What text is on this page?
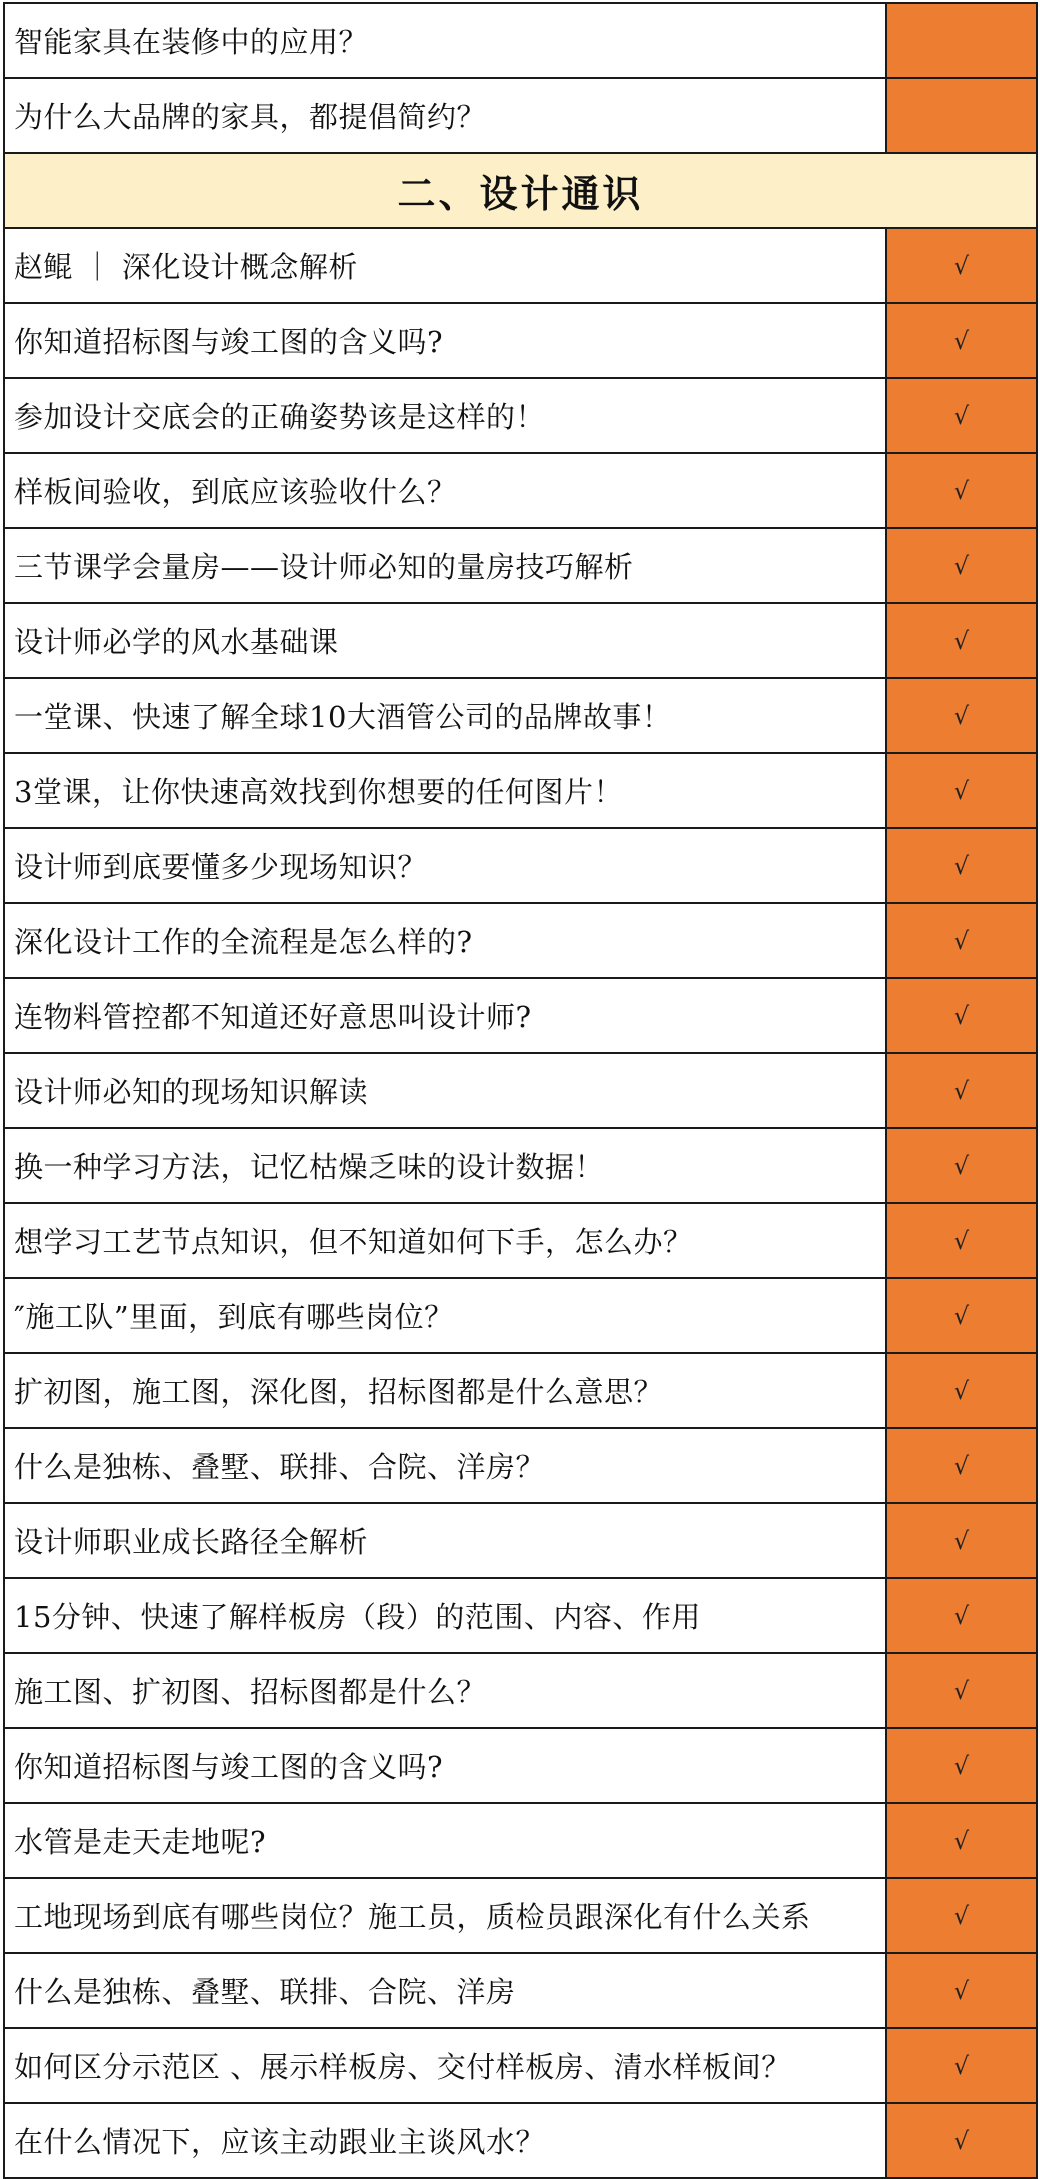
智能家具在装修中的应用？
为什么大品牌的家具，都提倡简约？
二、设计通识
赵鲲 ｜ 深化设计概念解析	√
你知道招标图与竣工图的含义吗?	√
参加设计交底会的正确姿势该是这样的！	√
样板间验收，到底应该验收什么？	√
三节课学会量房——设计师必知的量房技巧解析	√
设计师必学的风水基础课	√
一堂课、快速了解全球10大酒管公司的品牌故事！	√
3堂课，让你快速高效找到你想要的任何图片！	√
设计师到底要懂多少现场知识？	√
深化设计工作的全流程是怎么样的?	√
连物料管控都不知道还好意思叫设计师?	√
设计师必知的现场知识解读	√
换一种学习方法，记忆枯燥乏味的设计数据！	√
想学习工艺节点知识，但不知道如何下手，怎么办？	√
″施工队”里面，到底有哪些岗位？	√
扩初图，施工图，深化图，招标图都是什么意思？	√
什么是独栋、叠墅、联排、合院、洋房？	√
设计师职业成长路径全解析	√
15分钟、快速了解样板房（段）的范围、内容、作用	√
施工图、扩初图、招标图都是什么？	√
你知道招标图与竣工图的含义吗?	√
水管是走天走地呢?	√
工地现场到底有哪些岗位？施工员，质检员跟深化有什么关系	√
什么是独栋、叠墅、联排、合院、洋房	√
如何区分示范区 、展示样板房、交付样板房、清水样板间？	√
在什么情况下，应该主动跟业主谈风水？	√
